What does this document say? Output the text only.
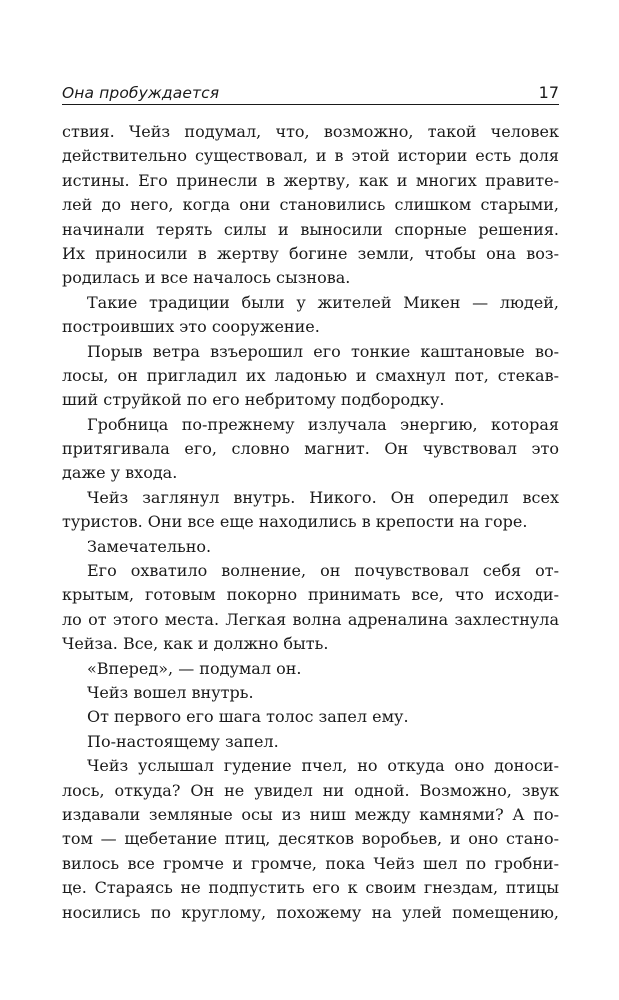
Она пробуждается	17
ствия. Чейз подумал, что, возможно, такой человек
действительно существовал, и в этой истории есть доля
истины. Его принесли в жертву, как и многих правите-
лей до него, когда они становились слишком старыми,
начинали терять силы и выносили спорные решения.
Их приносили в жертву богине земли, чтобы она воз-
родилась и все началось сызнова.
Такие традиции были у жителей Микен — людей,
построивших это сооружение.
Порыв ветра взъерошил его тонкие каштановые во-
лосы, он пригладил их ладонью и смахнул пот, стекав-
ший струйкой по его небритому подбородку.
Гробница по-прежнему излучала энергию, которая
притягивала его, словно магнит. Он чувствовал это
даже у входа.
Чейз заглянул внутрь. Никого. Он опередил всех
туристов. Они все еще находились в крепости на горе.
Замечательно.
Его охватило волнение, он почувствовал себя от-
крытым, готовым покорно принимать все, что исходи-
ло от этого места. Легкая волна адреналина захлестнула
Чейза. Все, как и должно быть.
«Вперед», — подумал он.
Чейз вошел внутрь.
От первого его шага толос запел ему.
По-настоящему запел.
Чейз услышал гудение пчел, но откуда оно доноси-
лось, откуда? Он не увидел ни одной. Возможно, звук
издавали земляные осы из ниш между камнями? А по-
том — щебетание птиц, десятков воробьев, и оно стано-
вилось все громче и громче, пока Чейз шел по гробни-
це. Стараясь не подпустить его к своим гнездам, птицы
носились по круглому, похожему на улей помещению,
